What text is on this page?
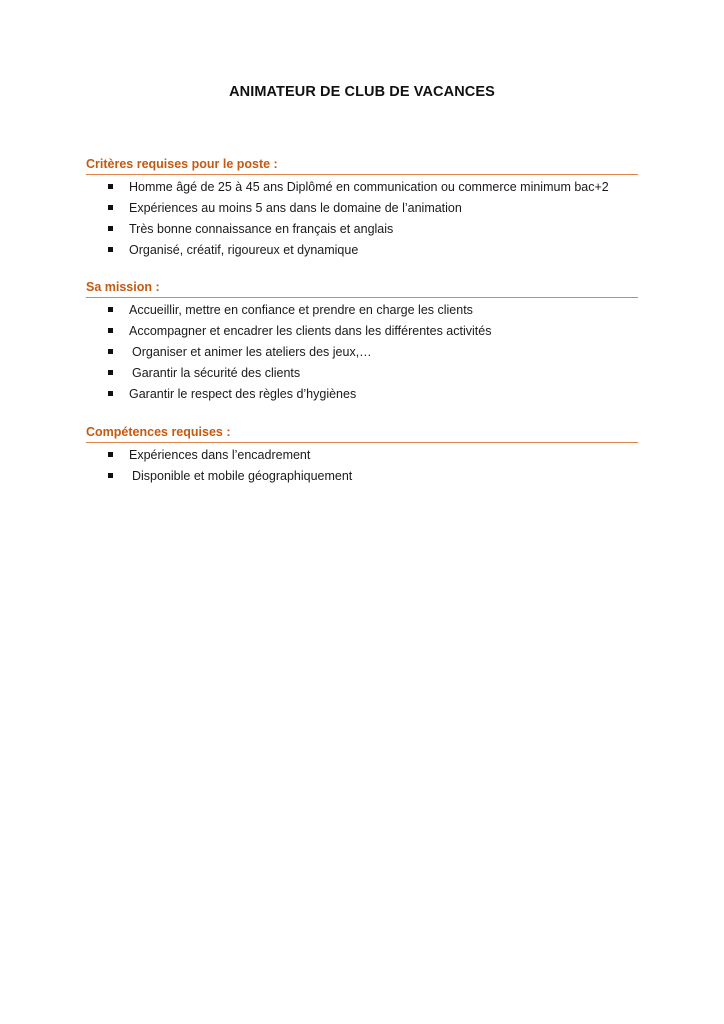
ANIMATEUR DE CLUB DE VACANCES
Critères requises pour le poste :
Homme âgé de 25 à 45 ans Diplômé en communication ou commerce minimum bac+2
Expériences au moins 5 ans dans le domaine de l’animation
Très bonne connaissance en français et anglais
Organisé, créatif, rigoureux et dynamique
Sa mission :
Accueillir, mettre en confiance et prendre en charge les clients
Accompagner et encadrer les clients dans les différentes activités
Organiser et animer les ateliers des jeux,…
Garantir la sécurité des clients
Garantir le respect des règles d’hygiènes
Compétences requises :
Expériences dans l’encadrement
Disponible et mobile géographiquement
